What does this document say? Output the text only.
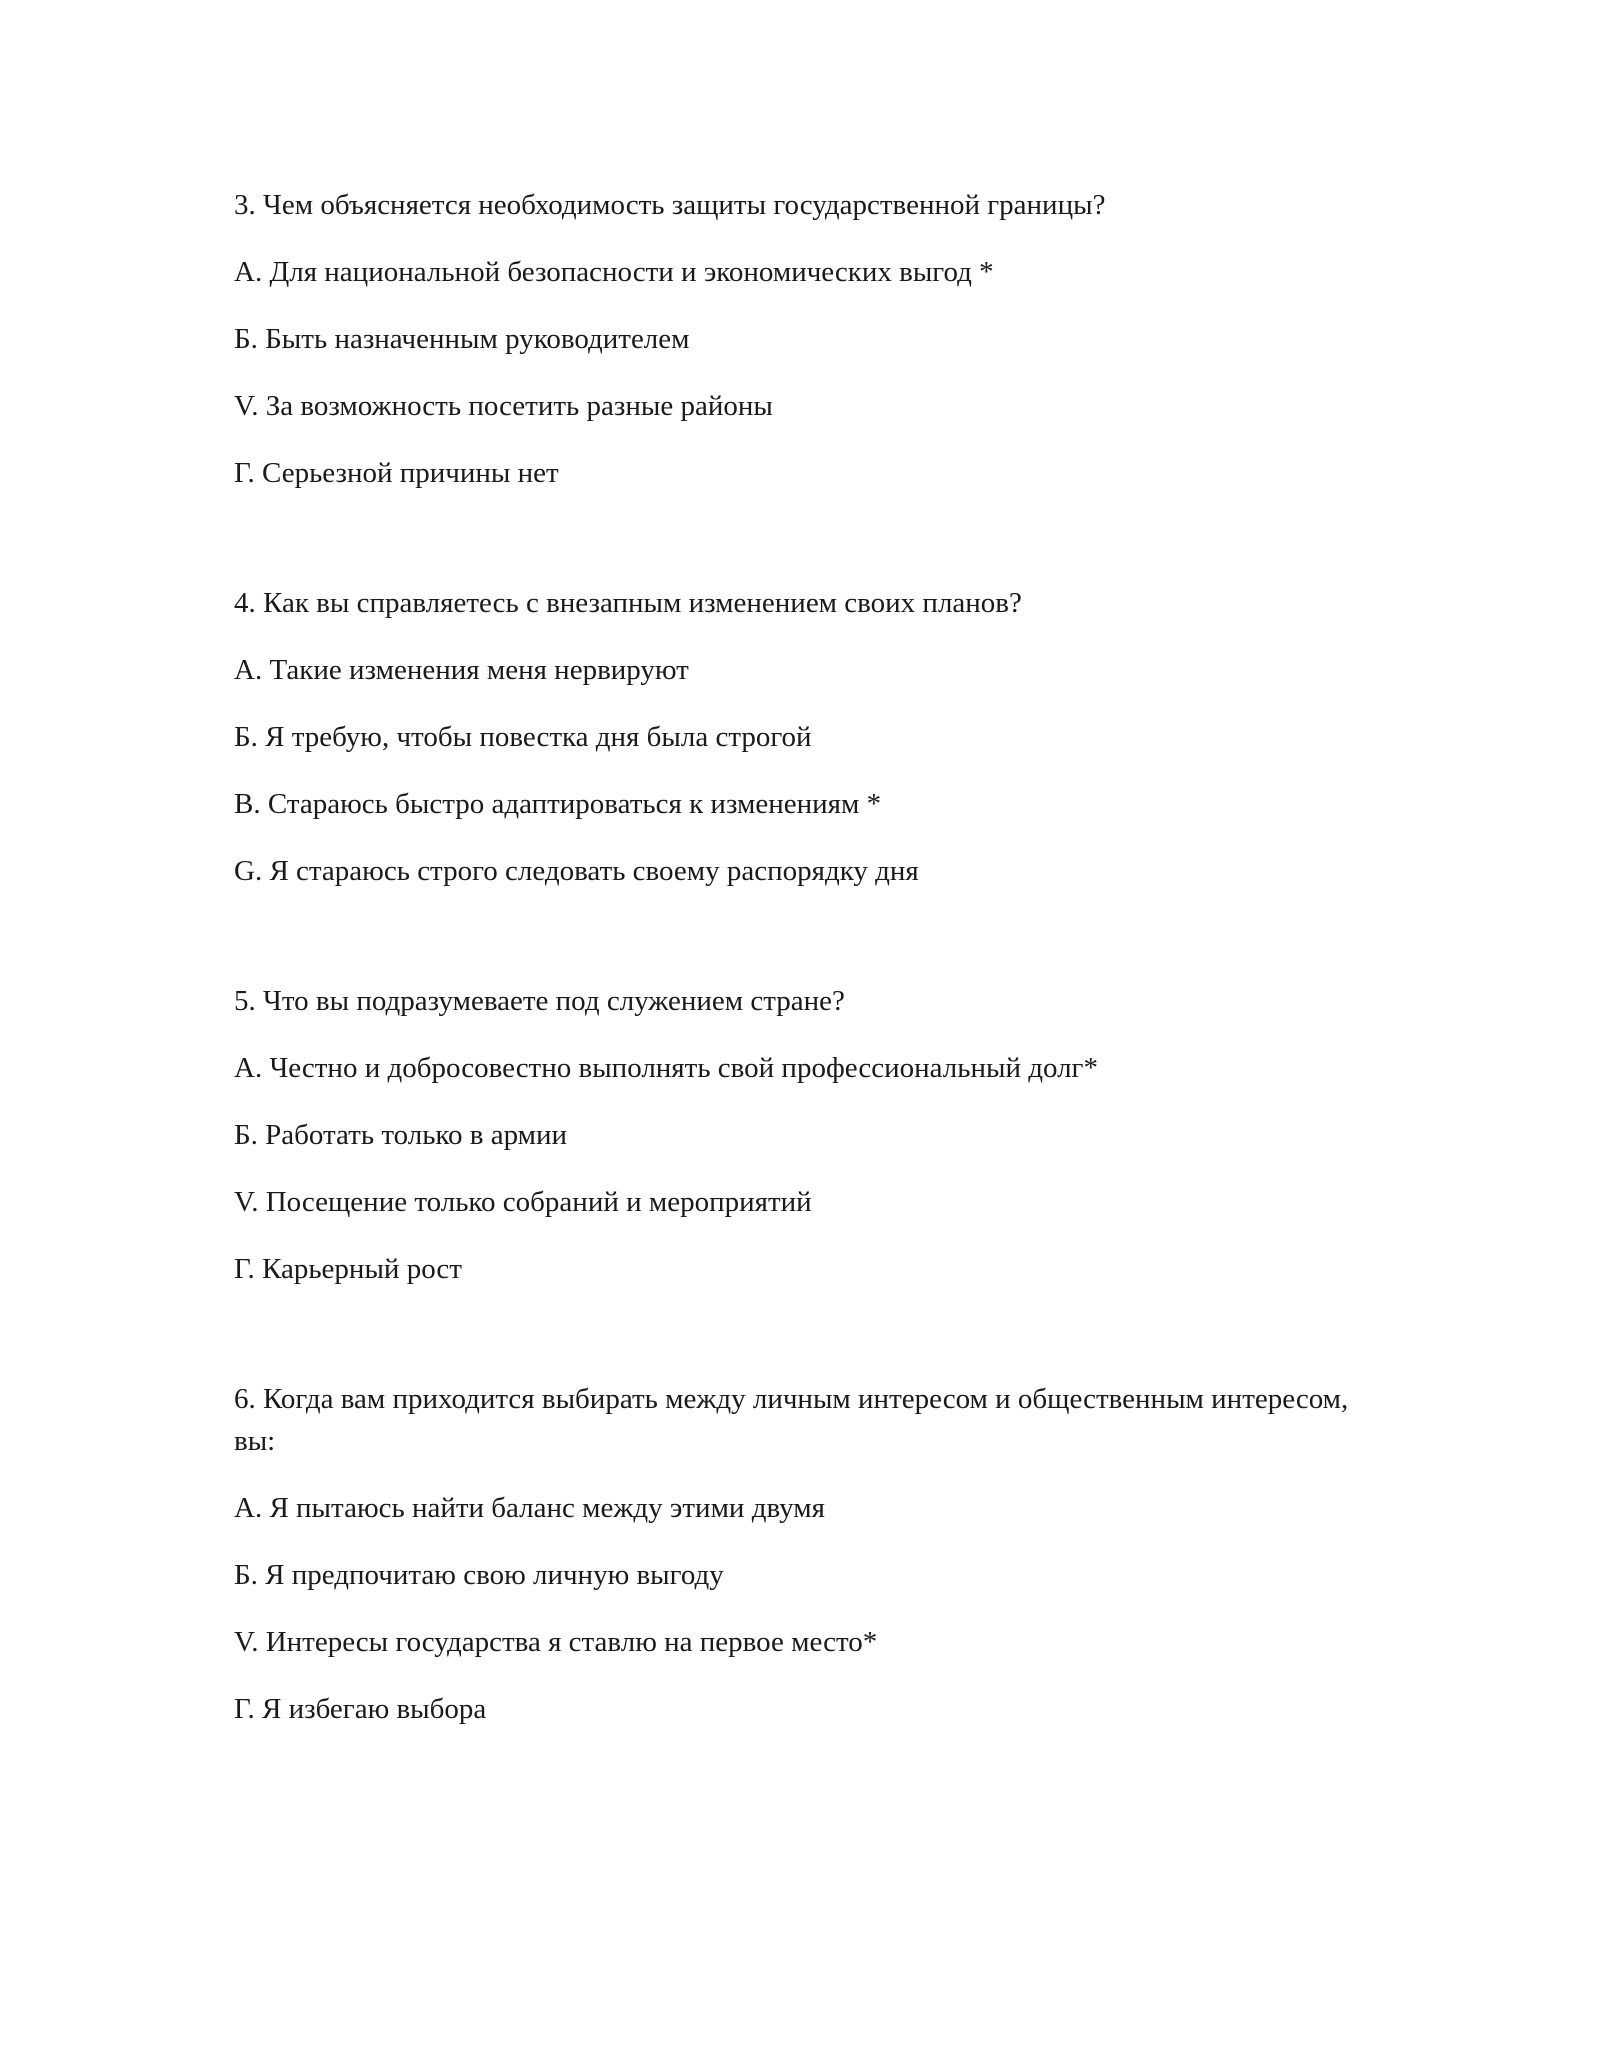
3. Чем объясняется необходимость защиты государственной границы?

A. Для национальной безопасности и экономических выгод *

Б. Быть назначенным руководителем

V. За возможность посетить разные районы

Г. Серьезной причины нет

4. Как вы справляетесь с внезапным изменением своих планов?

A. Такие изменения меня нервируют

Б. Я требую, чтобы повестка дня была строгой

B. Стараюсь быстро адаптироваться к изменениям *

G. Я стараюсь строго следовать своему распорядку дня

5. Что вы подразумеваете под служением стране?

A. Честно и добросовестно выполнять свой профессиональный долг*

Б. Работать только в армии

V. Посещение только собраний и мероприятий

Г. Карьерный рост

6. Когда вам приходится выбирать между личным интересом и общественным интересом, вы:

A. Я пытаюсь найти баланс между этими двумя

Б. Я предпочитаю свою личную выгоду

V. Интересы государства я ставлю на первое место*

Г. Я избегаю выбора
